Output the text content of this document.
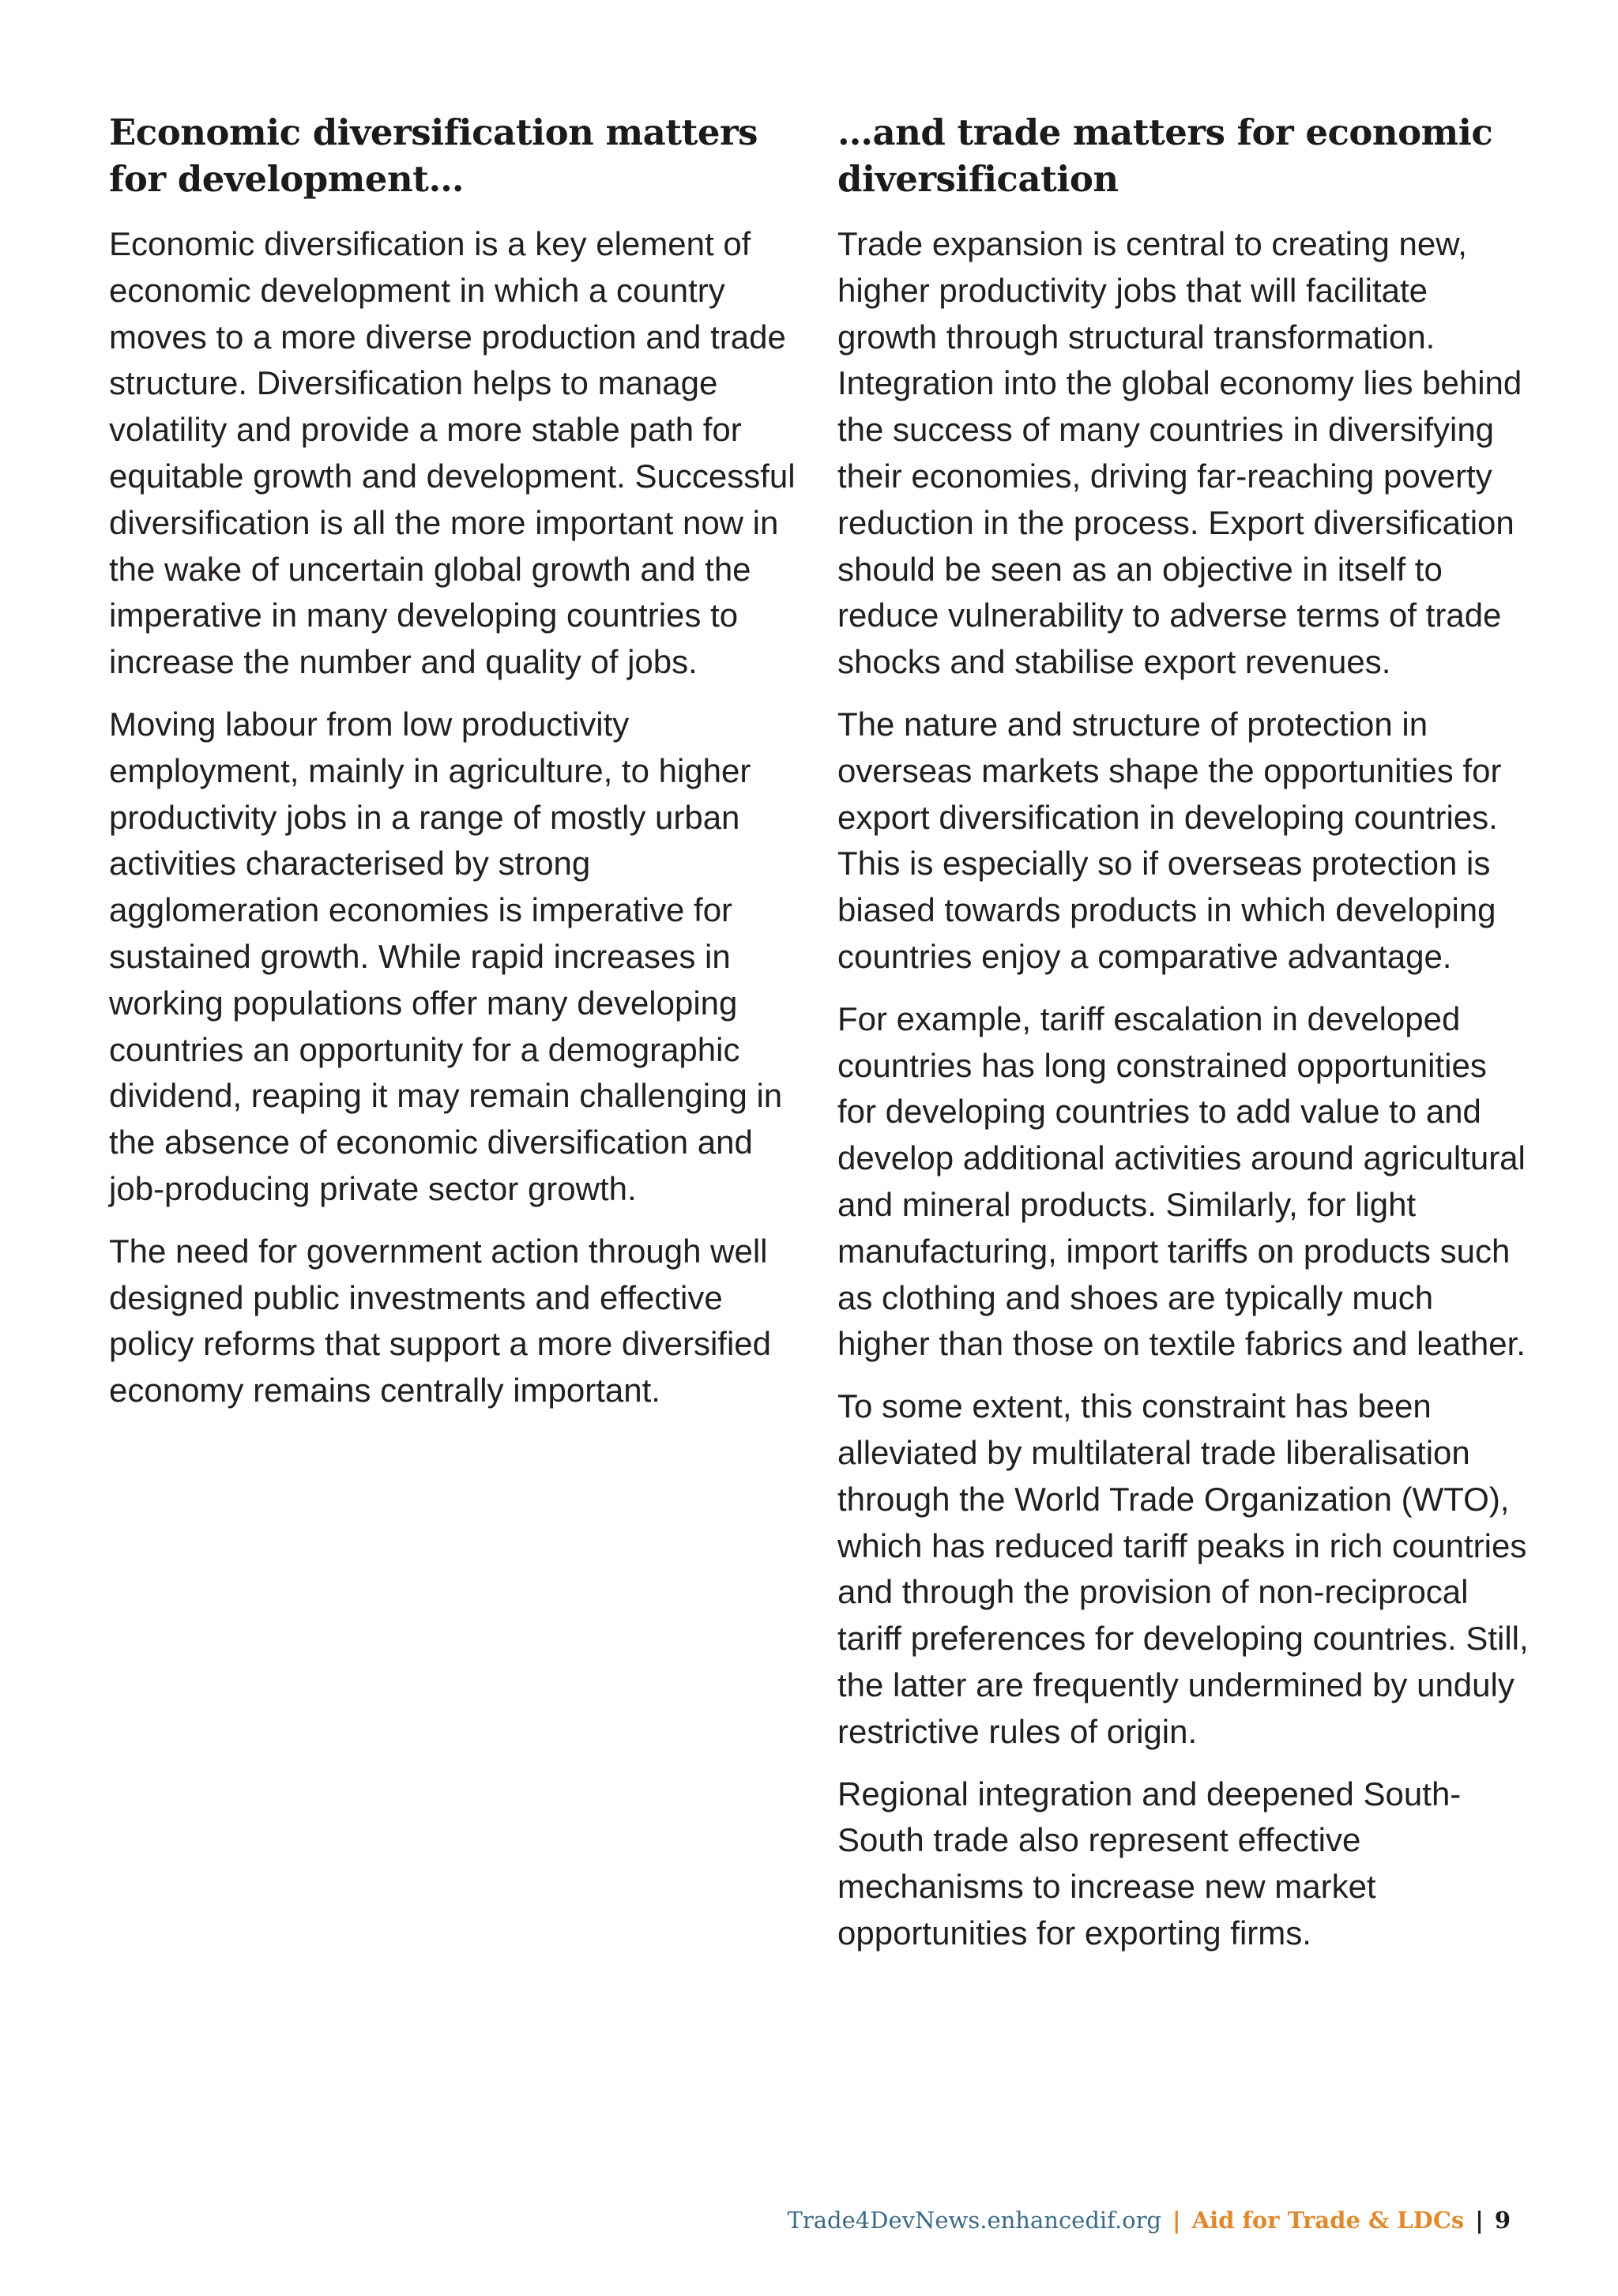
Economic diversification matters for development…

Economic diversification is a key element of economic development in which a country moves to a more diverse production and trade structure. Diversification helps to manage volatility and provide a more stable path for equitable growth and development. Successful diversification is all the more important now in the wake of uncertain global growth and the imperative in many developing countries to increase the number and quality of jobs.

Moving labour from low productivity employment, mainly in agriculture, to higher productivity jobs in a range of mostly urban activities characterised by strong agglomeration economies is imperative for sustained growth. While rapid increases in working populations offer many developing countries an opportunity for a demographic dividend, reaping it may remain challenging in the absence of economic diversification and job-producing private sector growth.

The need for government action through well designed public investments and effective policy reforms that support a more diversified economy remains centrally important.

…and trade matters for economic diversification

Trade expansion is central to creating new, higher productivity jobs that will facilitate growth through structural transformation. Integration into the global economy lies behind the success of many countries in diversifying their economies, driving far-reaching poverty reduction in the process. Export diversification should be seen as an objective in itself to reduce vulnerability to adverse terms of trade shocks and stabilise export revenues.

The nature and structure of protection in overseas markets shape the opportunities for export diversification in developing countries. This is especially so if overseas protection is biased towards products in which developing countries enjoy a comparative advantage.

For example, tariff escalation in developed countries has long constrained opportunities for developing countries to add value to and develop additional activities around agricultural and mineral products. Similarly, for light manufacturing, import tariffs on products such as clothing and shoes are typically much higher than those on textile fabrics and leather.

To some extent, this constraint has been alleviated by multilateral trade liberalisation through the World Trade Organization (WTO), which has reduced tariff peaks in rich countries and through the provision of non-reciprocal tariff preferences for developing countries. Still, the latter are frequently undermined by unduly restrictive rules of origin.

Regional integration and deepened South-South trade also represent effective mechanisms to increase new market opportunities for exporting firms.

Trade4DevNews.enhancedif.org | Aid for Trade & LDCs | 9
